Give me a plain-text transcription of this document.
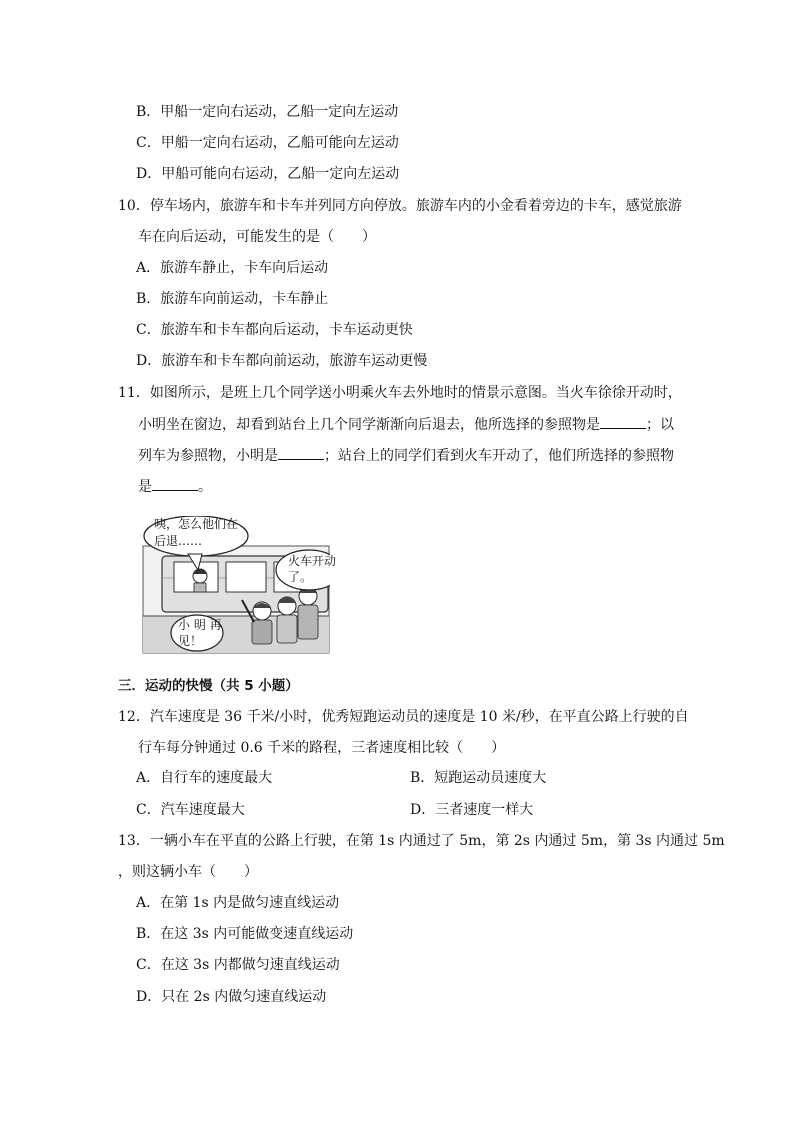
B．甲船一定向右运动，乙船一定向左运动
C．甲船一定向右运动，乙船可能向左运动
D．甲船可能向右运动，乙船一定向左运动
10．停车场内，旅游车和卡车并列同方向停放。旅游车内的小金看着旁边的卡车，感觉旅游
车在向后运动，可能发生的是（　　）
A．旅游车静止，卡车向后运动
B．旅游车向前运动，卡车静止
C．旅游车和卡车都向后运动，卡车运动更快
D．旅游车和卡车都向前运动，旅游车运动更慢
11．如图所示，是班上几个同学送小明乘火车去外地时的情景示意图。当火车徐徐开动时，
小明坐在窗边，却看到站台上几个同学渐渐向后退去，他所选择的参照物是	；以
列车为参照物，小明是	；站台上的同学们看到火车开动了，他们所选择的参照物
是	。
咦，怎么他们在
后退……
火车开动
了。
小 明 再
见！
三．运动的快慢（共 5 小题）
12．汽车速度是 36 千米/小时，优秀短跑运动员的速度是 10 米/秒，在平直公路上行驶的自
行车每分钟通过 0.6 千米的路程，三者速度相比较（　　）
A．自行车的速度最大	B．短跑运动员速度大
C．汽车速度最大	D．三者速度一样大
13．一辆小车在平直的公路上行驶，在第 1s 内通过了 5m，第 2s 内通过 5m，第 3s 内通过 5m
，则这辆小车（　　）
A．在第 1s 内是做匀速直线运动
B．在这 3s 内可能做变速直线运动
C．在这 3s 内都做匀速直线运动
D．只在 2s 内做匀速直线运动
